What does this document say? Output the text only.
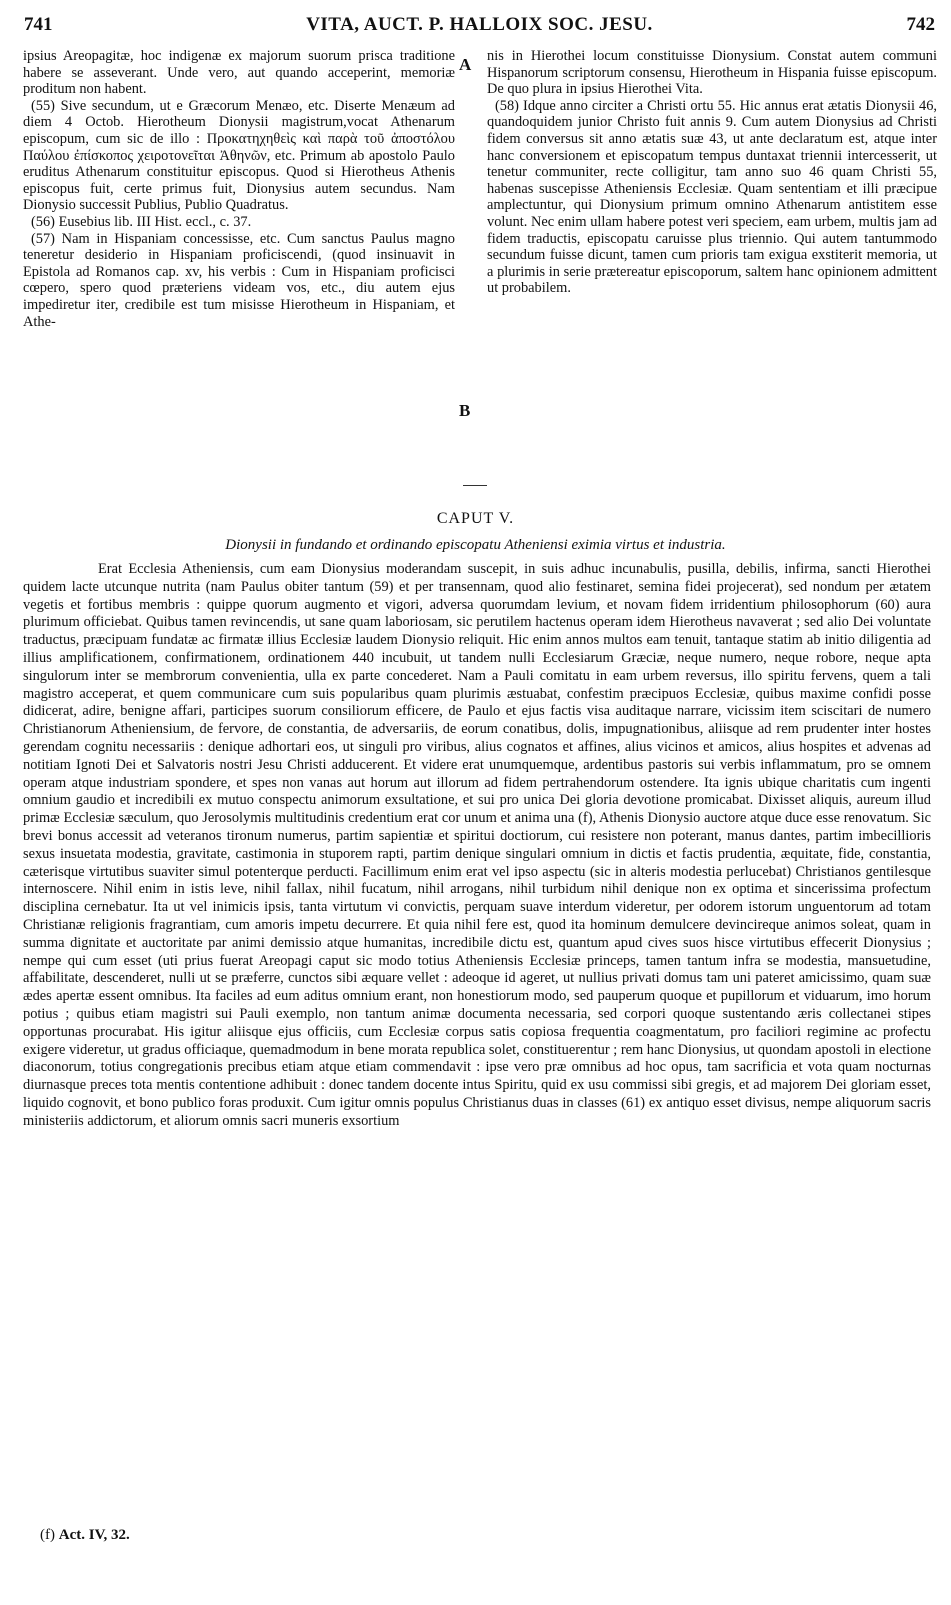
741	VITA, AUCT. P. HALLOIX SOC. JESU.	742

ipsius Areopagitæ, hoc indigenæ ex majorum suorum prisca traditione habere se asseverant. Unde vero, aut quando acceperint, memoriæ proditum non habent.

(55) Sive secundum, ut e Græcorum Menæo, etc. Diserte Menæum ad diem 4 Octob. Hierotheum Dionysii magistrum,vocat Athenarum episcopum, cum sic de illo : Προκατηχηθεὶς καὶ παρὰ τοῦ ἀποστόλου Παύλου ἐπίσκοπος χειροτονεῖται Ἀθηνῶν, etc. Primum ab apostolo Paulo eruditus Athenarum constituitur episcopus. Quod si Hierotheus Athenis episcopus fuit, certe primus fuit, Dionysius autem secundus. Nam Dionysio successit Publius, Publio Quadratus.

(56) Eusebius lib. III Hist. eccl., c. 37.

(57) Nam in Hispaniam concessisse, etc. Cum sanctus Paulus magno teneretur desiderio in Hispaniam proficiscendi, (quod insinuavit in Epistola ad Romanos cap. xv, his verbis : Cum in Hispaniam proficisci cœpero, spero quod præteriens videam vos, etc., diu autem ejus impediretur iter, credibile est tum misisse Hierotheum in Hispaniam, et Athe-

A
B

nis in Hierothei locum constituisse Dionysium. Constat autem communi Hispanorum scriptorum consensu, Hierotheum in Hispania fuisse episcopum. De quo plura in ipsius Hierothei Vita.

(58) Idque anno circiter a Christi ortu 55. Hic annus erat ætatis Dionysii 46, quandoquidem junior Christo fuit annis 9. Cum autem Dionysius ad Christi fidem conversus sit anno ætatis suæ 43, ut ante declaratum est, atque inter hanc conversionem et episcopatum tempus duntaxat triennii intercesserit, ut tenetur communiter, recte colligitur, tam anno suo 46 quam Christi 55, habenas suscepisse Atheniensis Ecclesiæ. Quam sententiam et illi præcipue amplectuntur, qui Dionysium primum omnino Athenarum antistitem esse volunt. Nec enim ullam habere potest veri speciem, eam urbem, multis jam ad fidem traductis, episcopatu caruisse plus triennio. Qui autem tantummodo secundum fuisse dicunt, tamen cum prioris tam exigua exstiterit memoria, ut a plurimis in serie prætereatur episcoporum, saltem hanc opinionem admittent ut probabilem.

CAPUT V.
Dionysii in fundando et ordinando episcopatu Atheniensi eximia virtus et industria.

Erat Ecclesia Atheniensis, cum eam Dionysius moderandam suscepit, in suis adhuc incunabulis, pusilla, debilis, infirma, sancti Hierothei quidem lacte utcunque nutrita (nam Paulus obiter tantum (59) et per transennam, quod alio festinaret, semina fidei projecerat), sed nondum per ætatem vegetis et fortibus membris : quippe quorum augmento et vigori, adversa quorumdam levium, et novam fidem irridentium philosophorum (60) aura plurimum officiebat. Quibus tamen revincendis, ut sane quam laboriosam, sic perutilem hactenus operam idem Hierotheus navaverat ; sed alio Dei voluntate traductus, præcipuam fundatæ ac firmatæ illius Ecclesiæ laudem Dionysio reliquit. Hic enim annos multos eam tenuit, tantaque statim ab initio diligentia ad illius amplificationem, confirmationem, ordinationem 440 incubuit, ut tandem nulli Ecclesiarum Græciæ, neque numero, neque robore, neque apta singulorum inter se membrorum convenientia, ulla ex parte concederet. Nam a Pauli comitatu in eam urbem reversus, illo spiritu fervens, quem a tali magistro acceperat, et quem communicare cum suis popularibus quam plurimis æstuabat, confestim præcipuos Ecclesiæ, quibus maxime confidi posse didicerat, adire, benigne affari, participes suorum consiliorum efficere, de Paulo et ejus factis visa auditaque narrare, vicissim item sciscitari de numero Christianorum Atheniensium, de fervore, de constantia, de adversariis, de eorum conatibus, dolis, impugnationibus, aliisque ad rem prudenter inter hostes gerendam cognitu necessariis : denique adhortari eos, ut singuli pro viribus, alius cognatos et affines, alius vicinos et amicos, alius hospites et advenas ad notitiam Ignoti Dei et Salvatoris nostri Jesu Christi adducerent. Et videre erat unumquemque, ardentibus pastoris sui verbis inflammatum, pro se omnem operam atque industriam spondere, et spes non vanas aut horum aut illorum ad fidem pertrahendorum ostendere. Ita ignis ubique charitatis cum ingenti omnium gaudio et incredibili ex mutuo conspectu animorum exsultatione, et sui pro unica Dei gloria devotione promicabat. Dixisset aliquis, aureum illud primæ Ecclesiæ sæculum, quo Jerosolymis multitudinis credentium erat cor unum et anima una (f), Athenis Dionysio auctore atque duce esse renovatum. Sic brevi bonus accessit ad veteranos tironum numerus, partim sapientiæ et spiritui doctiorum, cui resistere non poterant, manus dantes, partim imbecillioris sexus insuetata modestia, gravitate, castimonia in stuporem rapti, partim denique singulari omnium in dictis et factis prudentia, æquitate, fide, constantia, cæterisque virtutibus suaviter simul potenterque perducti. Facillimum enim erat vel ipso aspectu (sic in alteris modestia perlucebat) Christianos gentilesque internoscere. Nihil enim in istis leve, nihil fallax, nihil fucatum, nihil arrogans, nihil turbidum nihil denique non ex optima et sincerissima profectum disciplina cernebatur. Ita ut vel inimicis ipsis, tanta virtutum vi convictis, perquam suave interdum videretur, per odorem istorum unguentorum ad totam Christianæ religionis fragrantiam, cum amoris impetu decurrere. Et quia nihil fere est, quod ita hominum demulcere devincireque animos soleat, quam in summa dignitate et auctoritate par animi demissio atque humanitas, incredibile dictu est, quantum apud cives suos hisce virtutibus effecerit Dionysius ; nempe qui cum esset (uti prius fuerat Areopagi caput sic modo totius Atheniensis Ecclesiæ princeps, tamen tantum infra se modestia, mansuetudine, affabilitate, descenderet, nulli ut se præferre, cunctos sibi æquare vellet : adeoque id ageret, ut nullius privati domus tam uni pateret amicissimo, quam suæ ædes apertæ essent omnibus. Ita faciles ad eum aditus omnium erant, non honestiorum modo, sed pauperum quoque et pupillorum et viduarum, imo horum potius ; quibus etiam magistri sui Pauli exemplo, non tantum animæ documenta necessaria, sed corpori quoque sustentando æris collectanei stipes opportunas procurabat. His igitur aliisque ejus officiis, cum Ecclesiæ corpus satis copiosa frequentia coagmentatum, pro faciliori regimine ac profectu exigere videretur, ut gradus officiaque, quemadmodum in bene morata republica solet, constituerentur ; rem hanc Dionysius, ut quondam apostoli in electione diaconorum, totius congregationis precibus etiam atque etiam commendavit : ipse vero præ omnibus ad hoc opus, tam sacrificia et vota quam nocturnas diurnasque preces tota mentis contentione adhibuit : donec tandem docente intus Spiritu, quid ex usu commissi sibi gregis, et ad majorem Dei gloriam esset, liquido cognovit, et bono publico foras produxit. Cum igitur omnis populus Christianus duas in classes (61) ex antiquo esset divisus, nempe aliquorum sacris ministeriis addictorum, et aliorum omnis sacri muneris exsortium

(f) Act. IV, 32.
